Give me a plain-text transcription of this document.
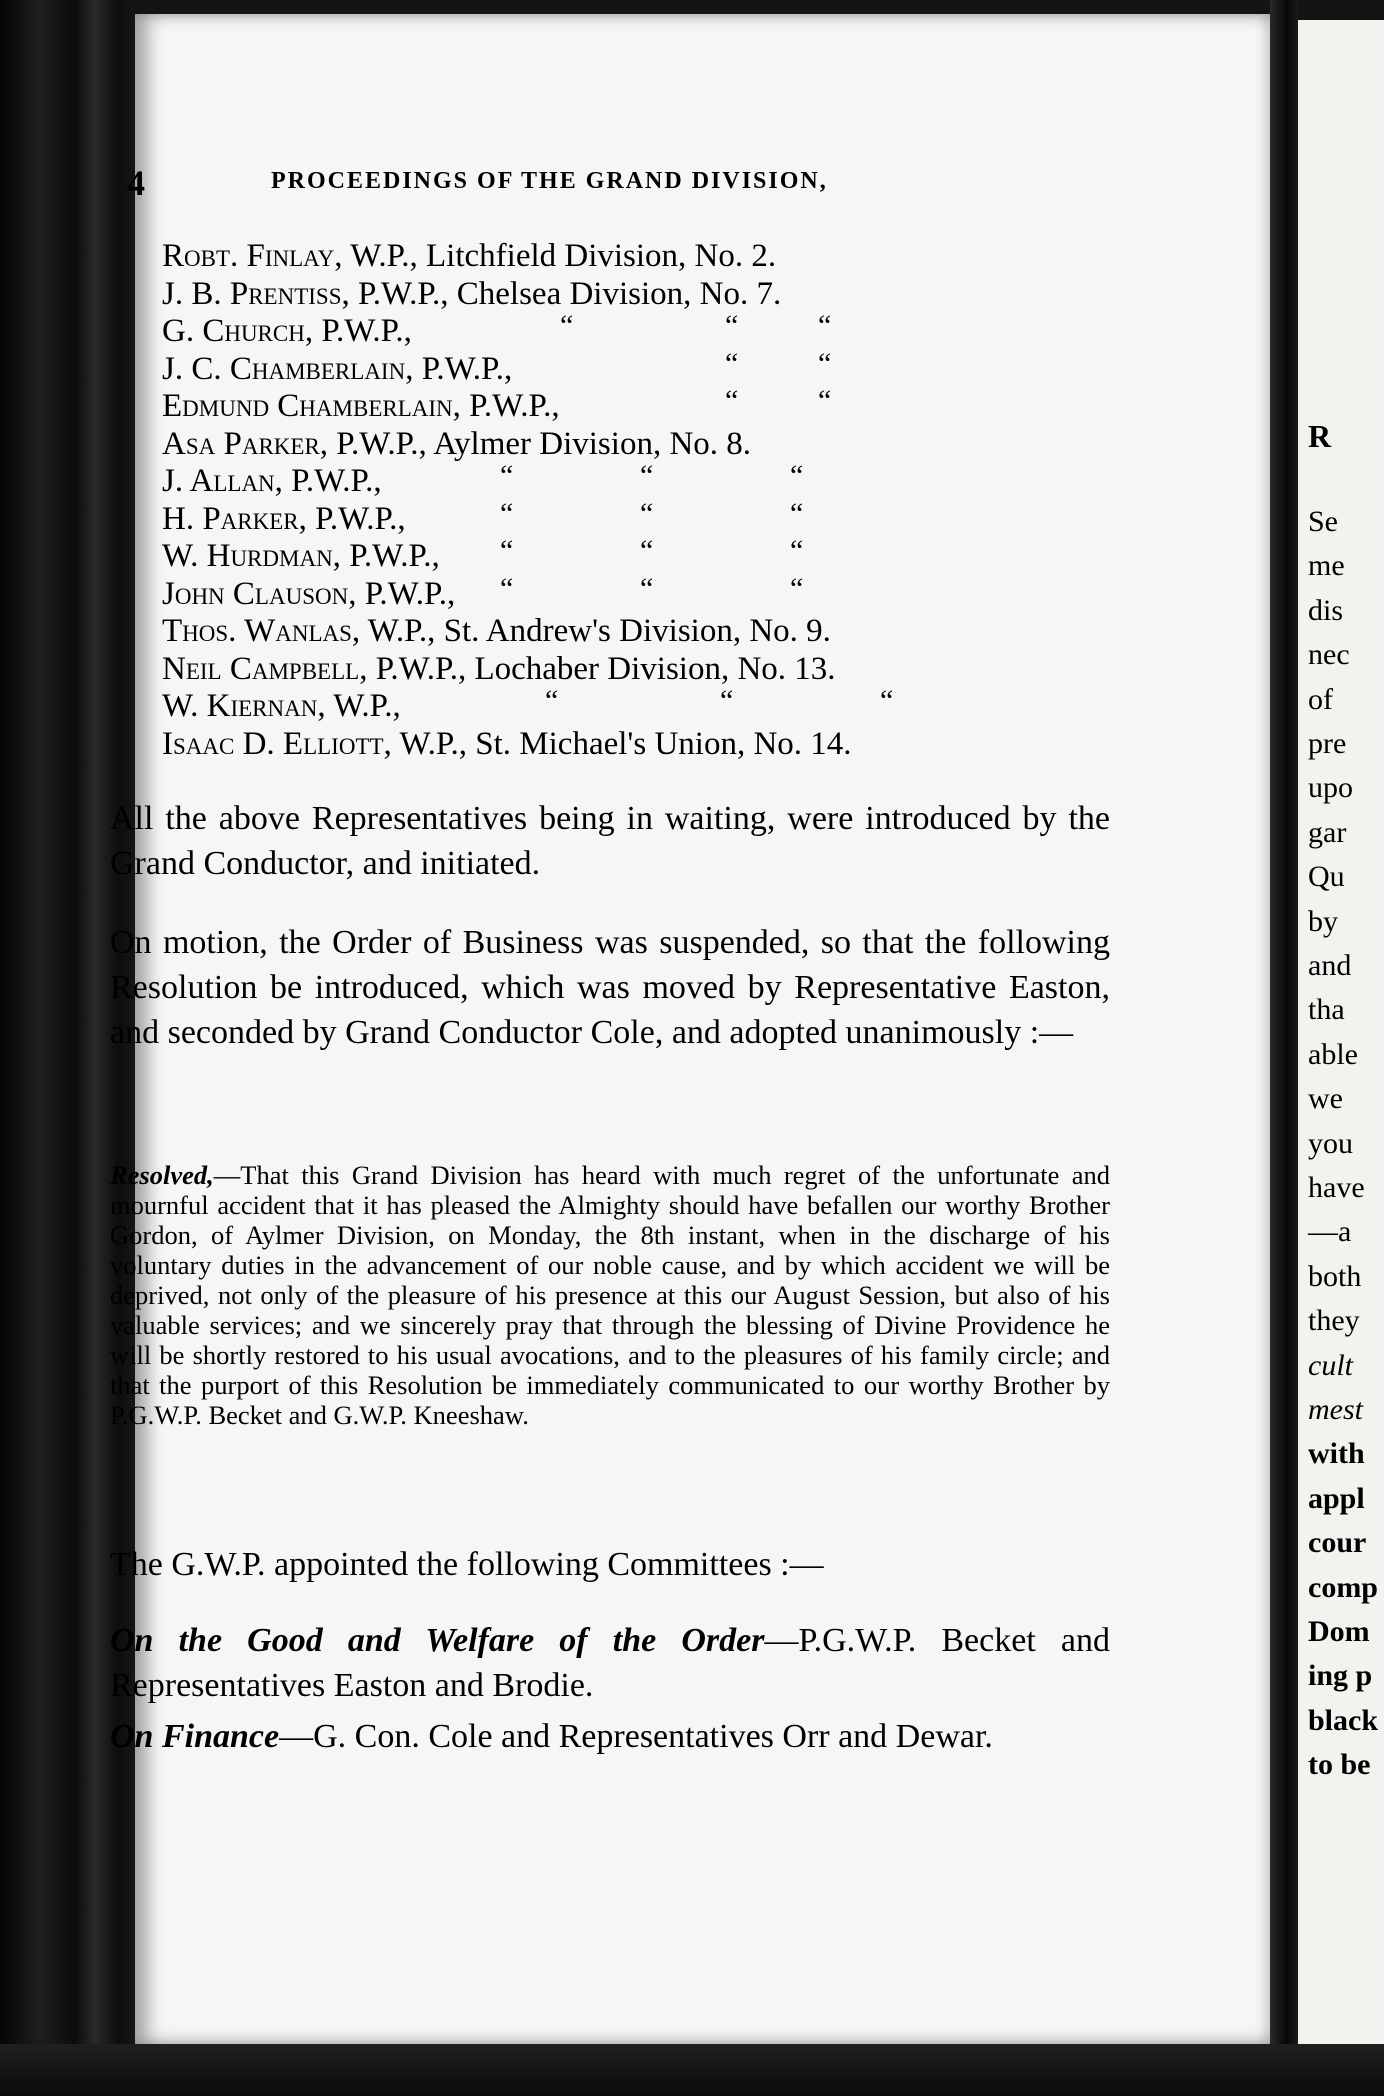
4	PROCEEDINGS OF THE GRAND DIVISION,
Robt. Finlay, W.P., Litchfield Division, No. 2.
J. B. Prentiss, P.W.P., Chelsea Division, No. 7.
G. Church, P.W.P.,	“	“	“
J. C. Chamberlain, P.W.P.,	“	“
Edmund Chamberlain, P.W.P.,	“	“
Asa Parker, P.W.P., Aylmer Division, No. 8.
J. Allan, P.W.P.,	“	“	“
H. Parker, P.W.P.,	“	“	“
W. Hurdman, P.W.P., “	“	“
John Clauson, P.W.P., “	“	“
Thos. Wanlas, W.P., St. Andrew's Division, No. 9.
Neil Campbell, P.W.P., Lochaber Division, No. 13.
W. Kiernan, W.P.,	“	“	“
Isaac D. Elliott, W.P., St. Michael's Union, No. 14.
All the above Representatives being in waiting, were introduced by the Grand Conductor, and initiated.
On motion, the Order of Business was suspended, so that the following Resolution be introduced, which was moved by Representative Easton, and seconded by Grand Conductor Cole, and adopted unanimously :—
Resolved,—That this Grand Division has heard with much regret of the unfortunate and mournful accident that it has pleased the Almighty should have befallen our worthy Brother Gordon, of Aylmer Division, on Monday, the 8th instant, when in the discharge of his voluntary duties in the advancement of our noble cause, and by which accident we will be deprived, not only of the pleasure of his presence at this our August Session, but also of his valuable services; and we sincerely pray that through the blessing of Divine Providence he will be shortly restored to his usual avocations, and to the pleasures of his family circle; and that the purport of this Resolution be immediately communicated to our worthy Brother by P.G.W.P. Becket and G.W.P. Kneeshaw.
The G.W.P. appointed the following Committees :—
On the Good and Welfare of the Order—P.G.W.P. Becket and Representatives Easton and Brodie.
On Finance—G. Con. Cole and Representatives Orr and Dewar.
R
Se
me
dis
nec
of
pre
upo
gar
Qu
by
and
tha
able
we
you
have
—a
both
they
cult
mest
with
appl
cour
comp
Dom
ing p
black
to be
